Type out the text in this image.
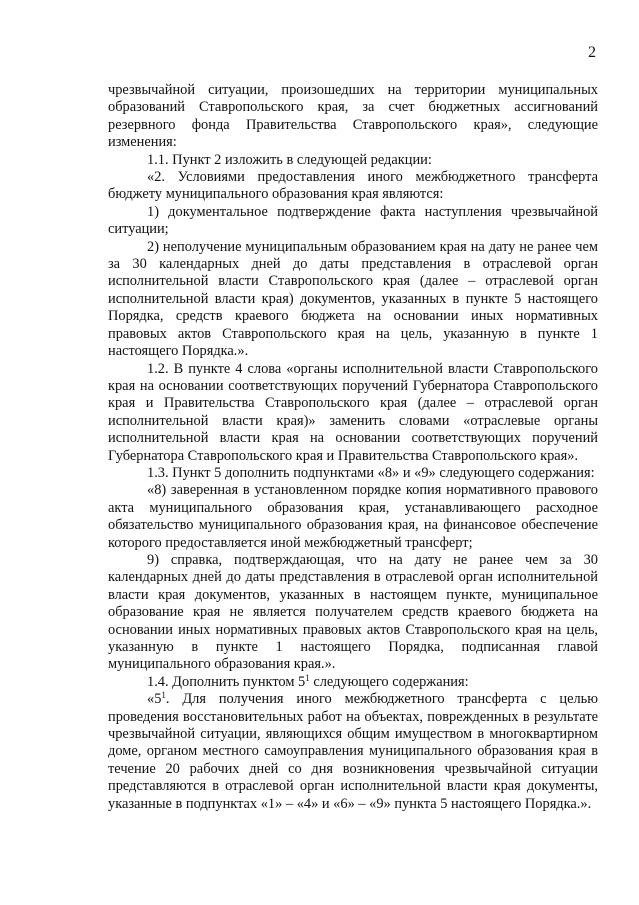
2

чрезвычайной ситуации, произошедших на территории муниципальных образований Ставропольского края, за счет бюджетных ассигнований резервного фонда Правительства Ставропольского края», следующие изменения:

1.1. Пункт 2 изложить в следующей редакции:

«2. Условиями предоставления иного межбюджетного трансферта бюджету муниципального образования края являются:

1) документальное подтверждение факта наступления чрезвычайной ситуации;

2) неполучение муниципальным образованием края на дату не ранее чем за 30 календарных дней до даты представления в отраслевой орган исполнительной власти Ставропольского края (далее – отраслевой орган исполнительной власти края) документов, указанных в пункте 5 настоящего Порядка, средств краевого бюджета на основании иных нормативных правовых актов Ставропольского края на цель, указанную в пункте 1 настоящего Порядка.».

1.2. В пункте 4 слова «органы исполнительной власти Ставропольского края на основании соответствующих поручений Губернатора Ставропольского края и Правительства Ставропольского края (далее – отраслевой орган исполнительной власти края)» заменить словами «отраслевые органы исполнительной власти края на основании соответствующих поручений Губернатора Ставропольского края и Правительства Ставропольского края».

1.3. Пункт 5 дополнить подпунктами «8» и «9» следующего содержания:

«8) заверенная в установленном порядке копия нормативного правового акта муниципального образования края, устанавливающего расходное обязательство муниципального образования края, на финансовое обеспечение которого предоставляется иной межбюджетный трансферт;

9) справка, подтверждающая, что на дату не ранее чем за 30 календарных дней до даты представления в отраслевой орган исполнительной власти края документов, указанных в настоящем пункте, муниципальное образование края не является получателем средств краевого бюджета на основании иных нормативных правовых актов Ставропольского края на цель, указанную в пункте 1 настоящего Порядка, подписанная главой муниципального образования края.».

1.4. Дополнить пунктом $5^1$ следующего содержания:

«$5^1$. Для получения иного межбюджетного трансферта с целью проведения восстановительных работ на объектах, поврежденных в результате чрезвычайной ситуации, являющихся общим имуществом в многоквартирном доме, органом местного самоуправления муниципального образования края в течение 20 рабочих дней со дня возникновения чрезвычайной ситуации представляются в отраслевой орган исполнительной власти края документы, указанные в подпунктах «1» – «4» и «6» – «9» пункта 5 настоящего Порядка.».
